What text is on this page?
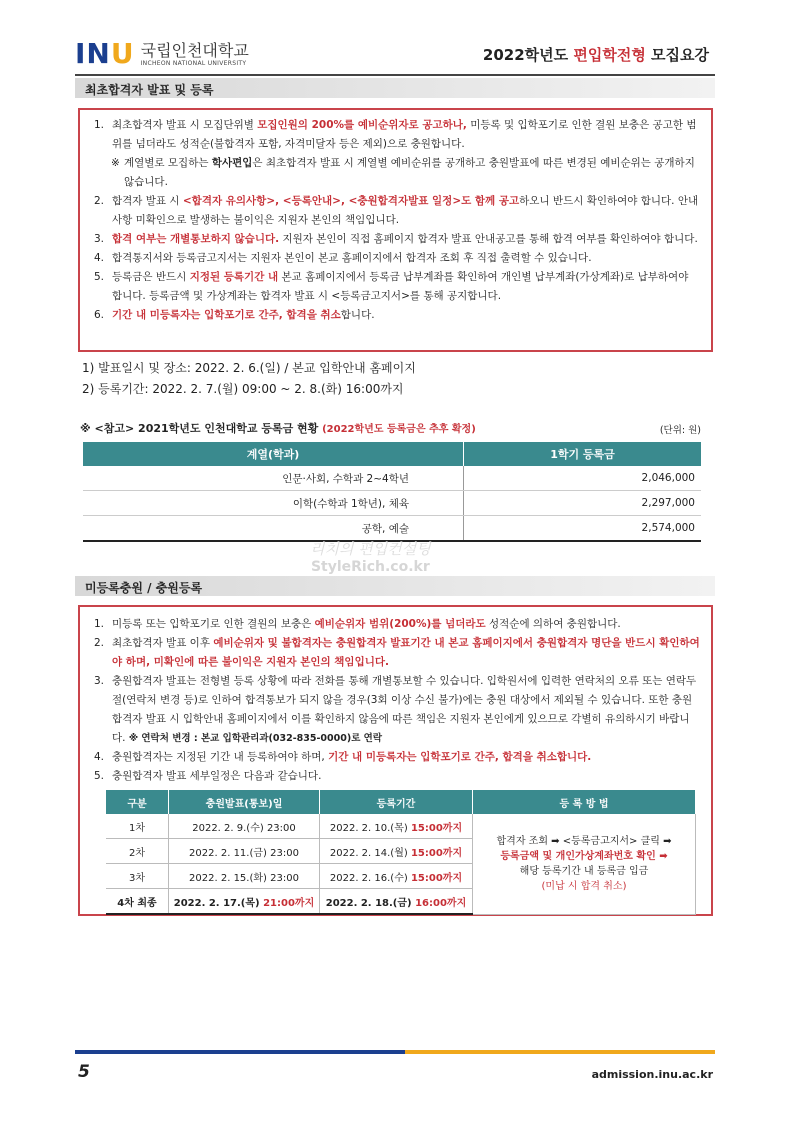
INU 국립인천대학교
INCHEON NATIONAL UNIVERSITY	2022학년도 편입학전형 모집요강
최초합격자 발표 및 등록
1. 최초합격자 발표 시 모집단위별 모집인원의 200%를 예비순위자로 공고하나, 미등록 및 입학포기로 인한 결원 보충은 공고한 범위를 넘더라도 성적순(불합격자 포함, 자격미달자 등은 제외)으로 충원합니다.
※ 계열별로 모집하는 학사편입은 최초합격자 발표 시 계열별 예비순위를 공개하고 충원발표에 따른 변경된 예비순위는 공개하지 않습니다.
2. 합격자 발표 시 <합격자 유의사항>, <등록안내>, <충원합격자발표 일정>도 함께 공고하오니 반드시 확인하여야 합니다. 안내사항 미확인으로 발생하는 불이익은 지원자 본인의 책임입니다.
3. 합격 여부는 개별통보하지 않습니다. 지원자 본인이 직접 홈페이지 합격자 발표 안내공고를 통해 합격 여부를 확인하여야 합니다.
4. 합격통지서와 등록금고지서는 지원자 본인이 본교 홈페이지에서 합격자 조회 후 직접 출력할 수 있습니다.
5. 등록금은 반드시 지정된 등록기간 내 본교 홈페이지에서 등록금 납부계좌를 확인하여 개인별 납부계좌(가상계좌)로 납부하여야 합니다. 등록금액 및 가상계좌는 합격자 발표 시 <등록금고지서>를 통해 공지합니다.
6. 기간 내 미등록자는 입학포기로 간주, 합격을 취소합니다.
1) 발표일시 및 장소: 2022. 2. 6.(일) / 본교 입학안내 홈페이지
2) 등록기간: 2022. 2. 7.(월) 09:00 ~ 2. 8.(화) 16:00까지
※ <참고> 2021학년도 인천대학교 등록금 현황 (2022학년도 등록금은 추후 확정)	(단위: 원)
계열(학과)	1학기 등록금
인문·사회, 수학과 2~4학년	2,046,000
이학(수학과 1학년), 체육	2,297,000
공학, 예술	2,574,000
리치의 편입컨설팅
StyleRich.co.kr
미등록충원 / 충원등록
1. 미등록 또는 입학포기로 인한 결원의 보충은 예비순위자 범위(200%)를 넘더라도 성적순에 의하여 충원합니다.
2. 최초합격자 발표 이후 예비순위자 및 불합격자는 충원합격자 발표기간 내 본교 홈페이지에서 충원합격자 명단을 반드시 확인하여야 하며, 미확인에 따른 불이익은 지원자 본인의 책임입니다.
3. 충원합격자 발표는 전형별 등록 상황에 따라 전화를 통해 개별통보할 수 있습니다. 입학원서에 입력한 연락처의 오류 또는 연락두절(연락처 변경 등)로 인하여 합격통보가 되지 않을 경우(3회 이상 수신 불가)에는 충원 대상에서 제외될 수 있습니다. 또한 충원합격자 발표 시 입학안내 홈페이지에서 이를 확인하지 않음에 따른 책임은 지원자 본인에게 있으므로 각별히 유의하시기 바랍니다. ※ 연락처 변경 : 본교 입학관리과(032-835-0000)로 연락
4. 충원합격자는 지정된 기간 내 등록하여야 하며, 기간 내 미등록자는 입학포기로 간주, 합격을 취소합니다.
5. 충원합격자 발표 세부일정은 다음과 같습니다.
구분	충원발표(통보)일	등록기간	등 록 방 법
1차	2022. 2. 9.(수) 23:00	2022. 2. 10.(목) 15:00까지	합격자 조회 ➡ <등록금고지서> 클릭 ➡
등록금액 및 개인가상계좌번호 확인 ➡
해당 등록기간 내 등록금 입금
(미납 시 합격 취소)

2차	2022. 2. 11.(금) 23:00	2022. 2. 14.(월) 15:00까지	
3차	2022. 2. 15.(화) 23:00	2022. 2. 16.(수) 15:00까지	
4차 최종	2022. 2. 17.(목) 21:00까지	2022. 2. 18.(금) 16:00까지	
5	admission.inu.ac.kr
